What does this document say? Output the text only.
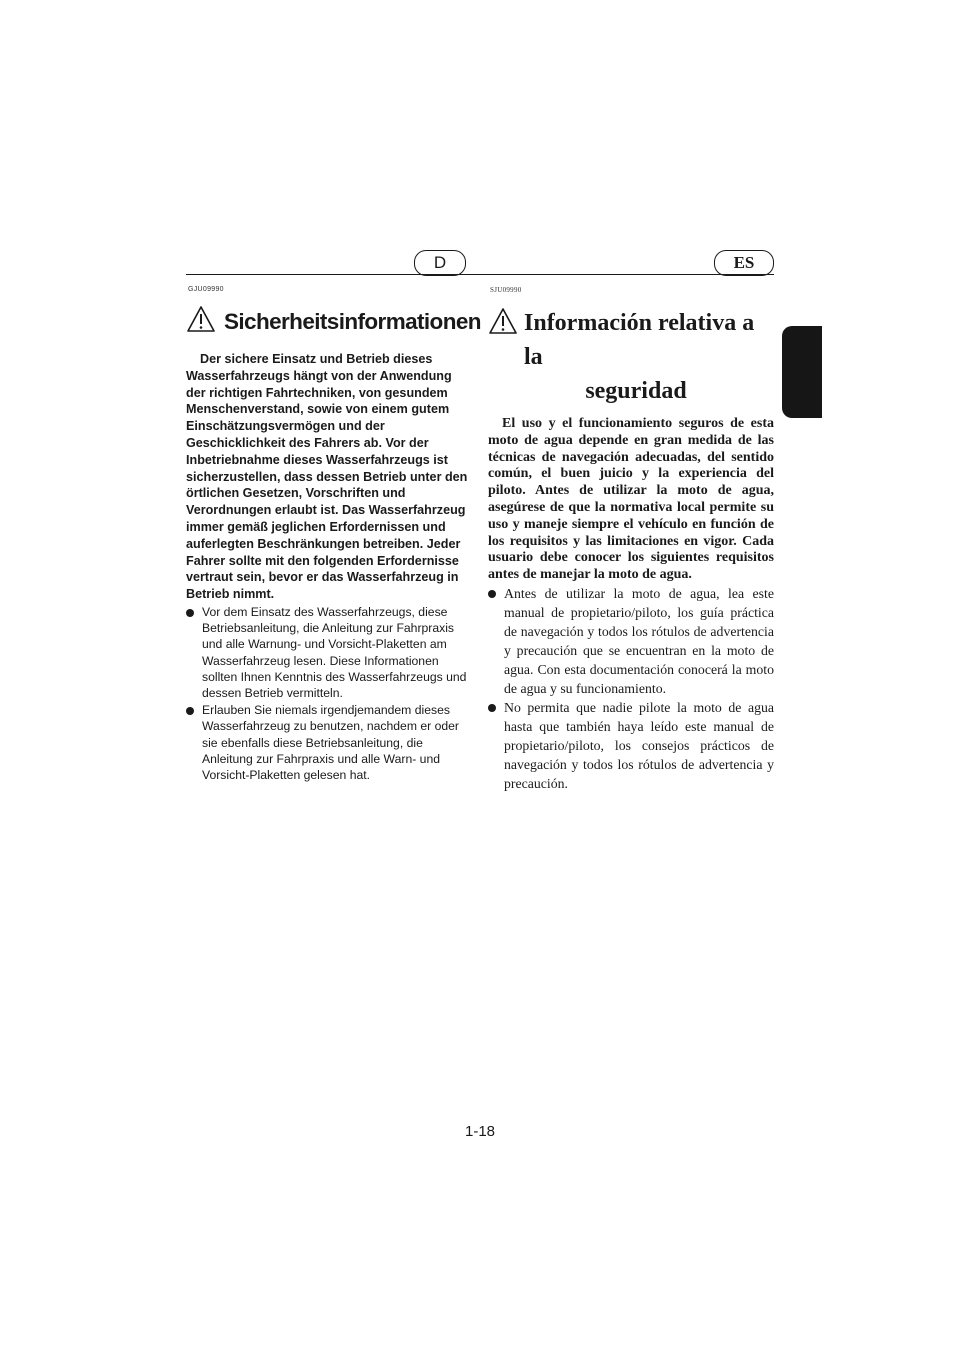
D	ES
GJU09990
Sicherheitsinformationen

Der sichere Einsatz und Betrieb dieses Wasserfahrzeugs hängt von der Anwendung der richtigen Fahrtechniken, von gesundem Menschenverstand, sowie von einem gutem Einschätzungsvermögen und der Geschicklichkeit des Fahrers ab. Vor der Inbetriebnahme dieses Wasserfahrzeugs ist sicherzustellen, dass dessen Betrieb unter den örtlichen Gesetzen, Vorschriften und Verordnungen erlaubt ist. Das Wasserfahrzeug immer gemäß jeglichen Erfordernissen und auferlegten Beschränkungen betreiben. Jeder Fahrer sollte mit den folgenden Erfordernisse vertraut sein, bevor er das Wasserfahrzeug in Betrieb nimmt.

Vor dem Einsatz des Wasserfahrzeugs, diese Betriebsanleitung, die Anleitung zur Fahrpraxis und alle Warnung- und Vorsicht-Plaketten am Wasserfahrzeug lesen. Diese Informationen sollten Ihnen Kenntnis des Wasserfahrzeugs und dessen Betrieb vermitteln.
Erlauben Sie niemals irgendjemandem dieses Wasserfahrzeug zu benutzen, nachdem er oder sie ebenfalls diese Betriebsanleitung, die Anleitung zur Fahrpraxis und alle Warn- und Vorsicht-Plaketten gelesen hat.
SJU09990
Información relativa a la
seguridad

El uso y el funcionamiento seguros de esta moto de agua depende en gran medida de las técnicas de navegación adecuadas, del sentido común, el buen juicio y la experiencia del piloto. Antes de utilizar la moto de agua, asegúrese de que la normativa local permite su uso y maneje siempre el vehículo en función de los requisitos y las limitaciones en vigor. Cada usuario debe conocer los siguientes requisitos antes de manejar la moto de agua.

Antes de utilizar la moto de agua, lea este manual de propietario/piloto, los guía práctica de navegación y todos los rótulos de advertencia y precaución que se encuentran en la moto de agua. Con esta documentación conocerá la moto de agua y su funcionamiento.
No permita que nadie pilote la moto de agua hasta que también haya leído este manual de propietario/piloto, los consejos prácticos de navegación y todos los rótulos de advertencia y precaución.
1-18
